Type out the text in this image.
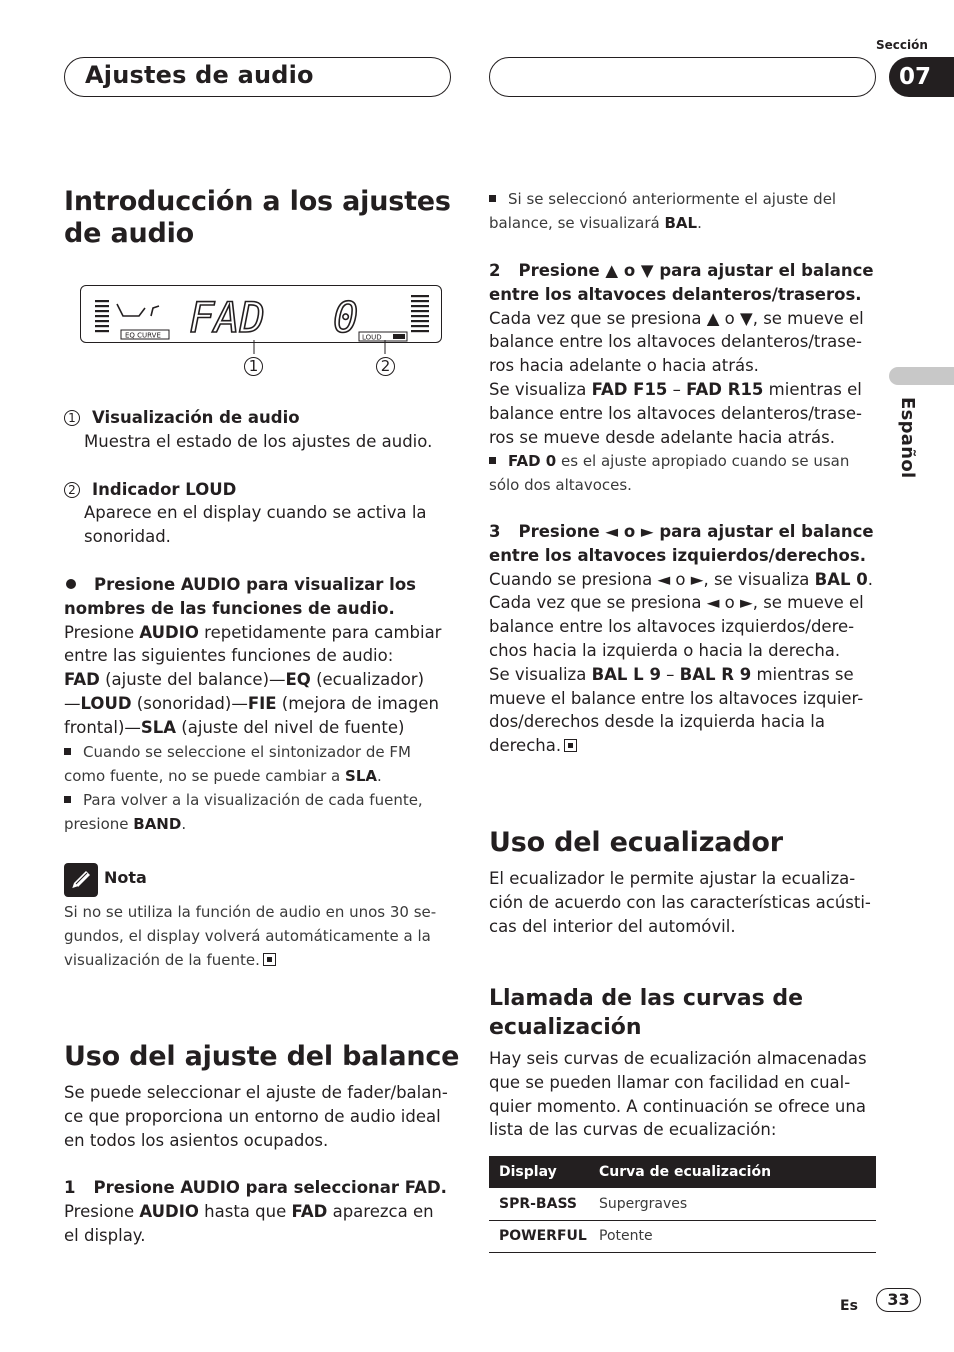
Sección
Ajustes de audio	07
Español
Introducción a los ajustes
de audio
EQ CURVE FAD 0 LOUD
1	2
1 Visualización de audio
Muestra el estado de los ajustes de audio.
2 Indicador LOUD
Aparece en el display cuando se activa la
sonoridad.
Presione AUDIO para visualizar los
nombres de las funciones de audio.
Presione AUDIO repetidamente para cambiar
entre las siguientes funciones de audio:
FAD (ajuste del balance)—EQ (ecualizador)
—LOUD (sonoridad)—FIE (mejora de imagen
frontal)—SLA (ajuste del nivel de fuente)
Cuando se seleccione el sintonizador de FM
como fuente, no se puede cambiar a SLA.
Para volver a la visualización de cada fuente,
presione BAND.
Nota
Si no se utiliza la función de audio en unos 30 se-
gundos, el display volverá automáticamente a la
visualización de la fuente.
Uso del ajuste del balance
Se puede seleccionar el ajuste de fader/balan-
ce que proporciona un entorno de audio ideal
en todos los asientos ocupados.
1 Presione AUDIO para seleccionar FAD.
Presione AUDIO hasta que FAD aparezca en
el display.
Si se seleccionó anteriormente el ajuste del
balance, se visualizará BAL.
2 Presione ▲ o ▼ para ajustar el balance
entre los altavoces delanteros/traseros.
Cada vez que se presiona ▲ o ▼, se mueve el
balance entre los altavoces delanteros/trase-
ros hacia adelante o hacia atrás.
Se visualiza FAD F15 – FAD R15 mientras el
balance entre los altavoces delanteros/trase-
ros se mueve desde adelante hacia atrás.
FAD 0 es el ajuste apropiado cuando se usan
sólo dos altavoces.
3 Presione ◄ o ► para ajustar el balance
entre los altavoces izquierdos/derechos.
Cuando se presiona ◄ o ►, se visualiza BAL 0.
Cada vez que se presiona ◄ o ►, se mueve el
balance entre los altavoces izquierdos/dere-
chos hacia la izquierda o hacia la derecha.
Se visualiza BAL L 9 – BAL R 9 mientras se
mueve el balance entre los altavoces izquier-
dos/derechos desde la izquierda hacia la
derecha.
Uso del ecualizador
El ecualizador le permite ajustar la ecualiza-
ción de acuerdo con las características acústi-
cas del interior del automóvil.
Llamada de las curvas de
ecualización
Hay seis curvas de ecualización almacenadas
que se pueden llamar con facilidad en cual-
quier momento. A continuación se ofrece una
lista de las curvas de ecualización:
Display	Curva de ecualización
SPR-BASS	Supergraves
POWERFUL	Potente
Es	33
